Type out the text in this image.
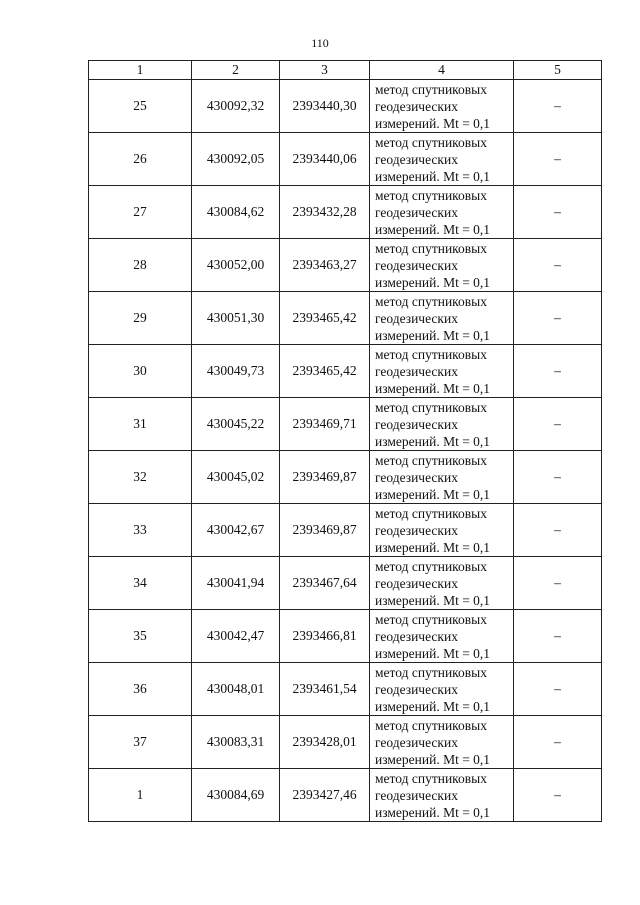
110
1	2	3	4	5
25	430092,32	2393440,30	метод спутниковых
геодезических
измерений. Mt = 0,1	–
26	430092,05	2393440,06	метод спутниковых
геодезических
измерений. Mt = 0,1	–
27	430084,62	2393432,28	метод спутниковых
геодезических
измерений. Mt = 0,1	–
28	430052,00	2393463,27	метод спутниковых
геодезических
измерений. Mt = 0,1	–
29	430051,30	2393465,42	метод спутниковых
геодезических
измерений. Mt = 0,1	–
30	430049,73	2393465,42	метод спутниковых
геодезических
измерений. Mt = 0,1	–
31	430045,22	2393469,71	метод спутниковых
геодезических
измерений. Mt = 0,1	–
32	430045,02	2393469,87	метод спутниковых
геодезических
измерений. Mt = 0,1	–
33	430042,67	2393469,87	метод спутниковых
геодезических
измерений. Mt = 0,1	–
34	430041,94	2393467,64	метод спутниковых
геодезических
измерений. Mt = 0,1	–
35	430042,47	2393466,81	метод спутниковых
геодезических
измерений. Mt = 0,1	–
36	430048,01	2393461,54	метод спутниковых
геодезических
измерений. Mt = 0,1	–
37	430083,31	2393428,01	метод спутниковых
геодезических
измерений. Mt = 0,1	–
1	430084,69	2393427,46	метод спутниковых
геодезических
измерений. Mt = 0,1	–
